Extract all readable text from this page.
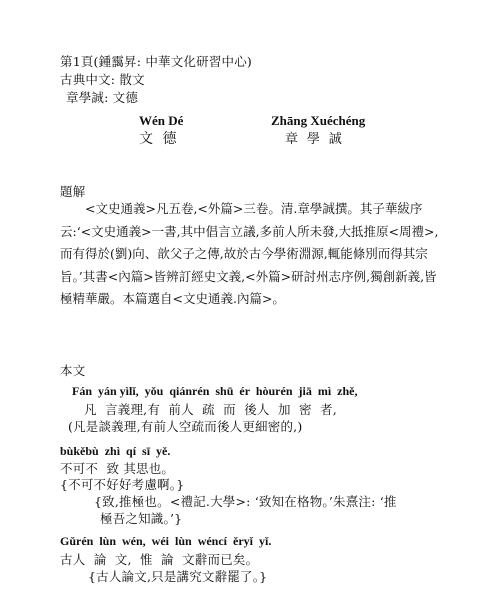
第1頁(鍾靄昇: 中華文化研習中心)
古典中文: 散文
章學誠: 文德
Wén Dé
文  德
Zhāng Xuéchéng
章  學  誠
題解
<文史通義>凡五卷,<外篇>三卷。清.章學誠撰。其子華紱序云:‘<文史通義>一書,其中倡言立議,多前人所未發,大抵推原<周禮>,而有得於(劉)向、歆父子之傳,故於古今學術淵源,輒能條別而得其宗旨。’其書<內篇>皆辨訂經史文義,<外篇>研討州志序例,獨創新義,皆極精華嚴。本篇選自<文史通義.內篇>。
本文
Fán  yán yìlǐ,  yǒu  qiánrén  shū  ér  hòurén  jiā  mì  zhě,
凡  言義理,有  前人  疏  而  後人  加  密  者,
(凡是談義理,有前人空疏而後人更細密的,)
bùkěbù  zhì  qí  sī  yě.
不可不  致 其思也。
{不可不好好考慮啊。}
{致,推極也。<禮記.大學>: ‘致知在格物。’朱熹注: ‘推
極吾之知識。’}
Gǔrén  lùn  wén,  wéi  lùn  wéncí  ěryǐ  yǐ.
古人  論  文,  惟  論  文辭而已矣。
{古人論文,只是講究文辭罷了。}
